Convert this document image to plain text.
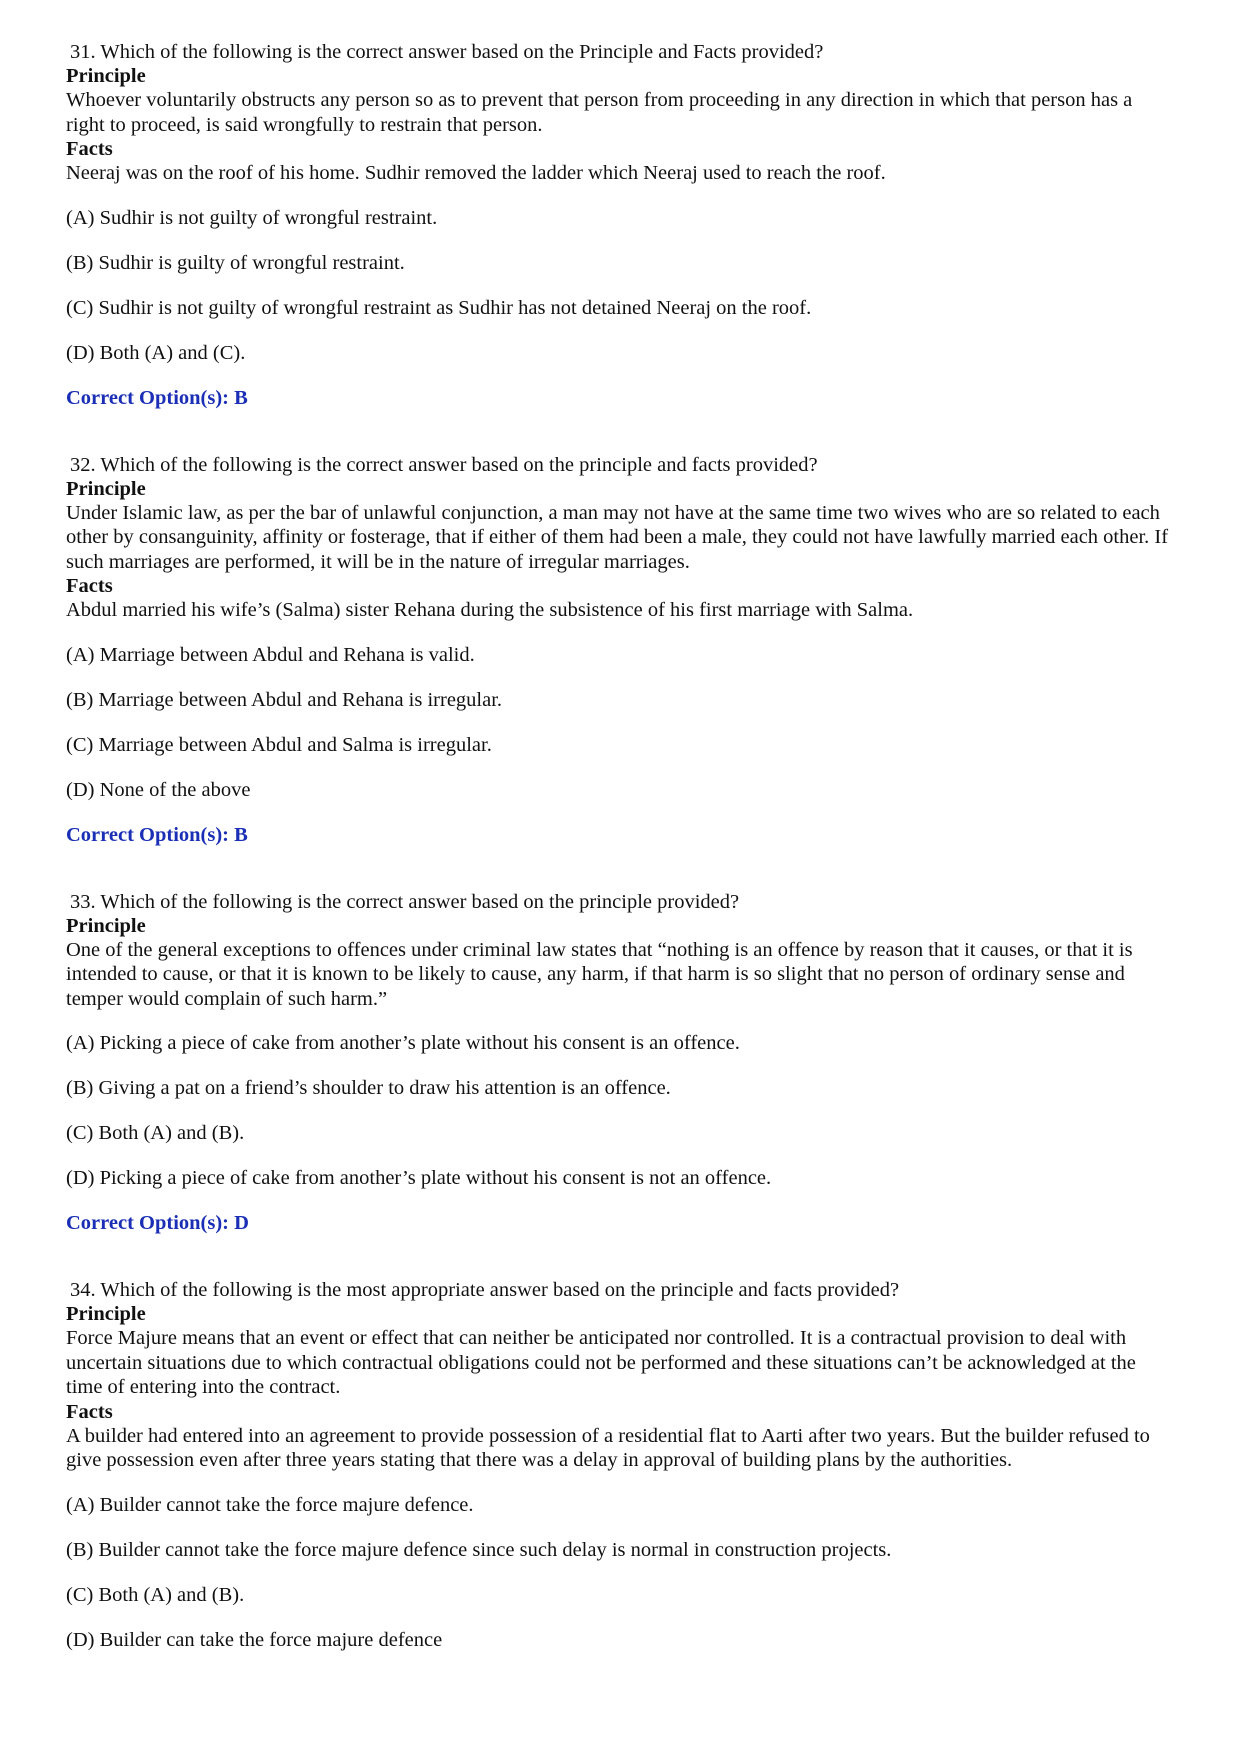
31. Which of the following is the correct answer based on the Principle and Facts provided?

Principle

Whoever voluntarily obstructs any person so as to prevent that person from proceeding in any direction in which that person has a right to proceed, is said wrongfully to restrain that person.

Facts

Neeraj was on the roof of his home. Sudhir removed the ladder which Neeraj used to reach the roof.

(A) Sudhir is not guilty of wrongful restraint.

(B) Sudhir is guilty of wrongful restraint.

(C) Sudhir is not guilty of wrongful restraint as Sudhir has not detained Neeraj on the roof.

(D) Both (A) and (C).

Correct Option(s): B

32. Which of the following is the correct answer based on the principle and facts provided?

Principle

Under Islamic law, as per the bar of unlawful conjunction, a man may not have at the same time two wives who are so related to each other by consanguinity, affinity or fosterage, that if either of them had been a male, they could not have lawfully married each other. If such marriages are performed, it will be in the nature of irregular marriages.

Facts

Abdul married his wife’s (Salma) sister Rehana during the subsistence of his first marriage with Salma.

(A) Marriage between Abdul and Rehana is valid.

(B) Marriage between Abdul and Rehana is irregular.

(C) Marriage between Abdul and Salma is irregular.

(D) None of the above

Correct Option(s): B

33. Which of the following is the correct answer based on the principle provided?

Principle

One of the general exceptions to offences under criminal law states that “nothing is an offence by reason that it causes, or that it is intended to cause, or that it is known to be likely to cause, any harm, if that harm is so slight that no person of ordinary sense and temper would complain of such harm.”

(A) Picking a piece of cake from another’s plate without his consent is an offence.

(B) Giving a pat on a friend’s shoulder to draw his attention is an offence.

(C) Both (A) and (B).

(D) Picking a piece of cake from another’s plate without his consent is not an offence.

Correct Option(s): D

34. Which of the following is the most appropriate answer based on the principle and facts provided?

Principle

Force Majure means that an event or effect that can neither be anticipated nor controlled. It is a contractual provision to deal with uncertain situations due to which contractual obligations could not be performed and these situations can’t be acknowledged at the time of entering into the contract.

Facts

A builder had entered into an agreement to provide possession of a residential flat to Aarti after two years. But the builder refused to give possession even after three years stating that there was a delay in approval of building plans by the authorities.

(A) Builder cannot take the force majure defence.

(B) Builder cannot take the force majure defence since such delay is normal in construction projects.

(C) Both (A) and (B).

(D) Builder can take the force majure defence
